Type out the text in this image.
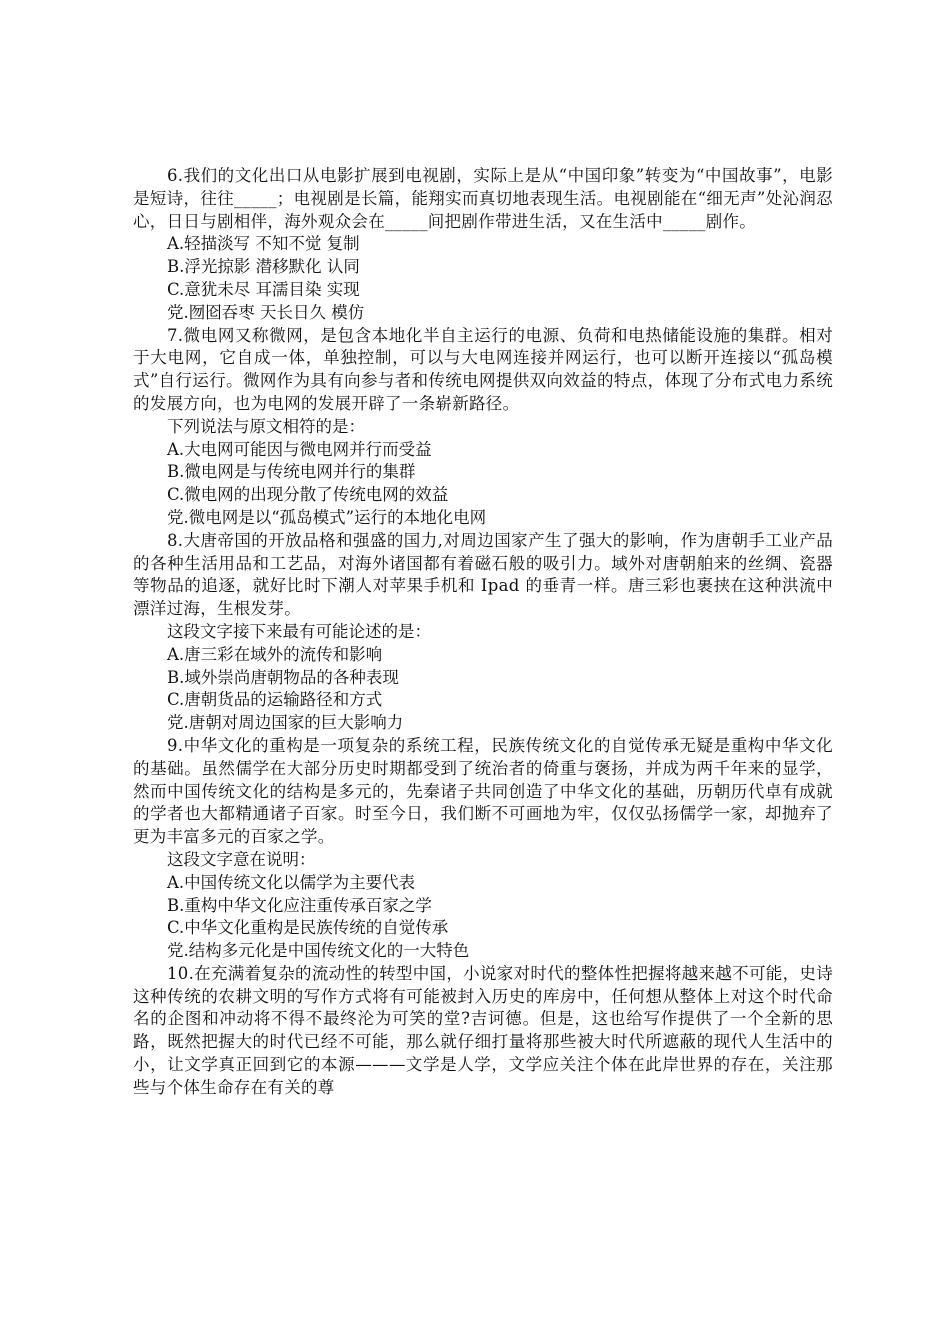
6.我们的文化出口从电影扩展到电视剧，实际上是从“中国印象”转变为“中国故事”，电影是短诗，往往_____；电视剧是长篇，能翔实而真切地表现生活。电视剧能在“细无声”处沁润忍心，日日与剧相伴，海外观众会在_____间把剧作带进生活，又在生活中_____剧作。

A.轻描淡写 不知不觉 复制

B.浮光掠影 潜移默化 认同

C.意犹未尽 耳濡目染 实现

党.囫囵吞枣 天长日久 模仿

7.微电网又称微网，是包含本地化半自主运行的电源、负荷和电热储能设施的集群。相对于大电网，它自成一体，单独控制，可以与大电网连接并网运行，也可以断开连接以“孤岛模式”自行运行。微网作为具有向参与者和传统电网提供双向效益的特点，体现了分布式电力系统的发展方向，也为电网的发展开辟了一条崭新路径。

下列说法与原文相符的是：

A.大电网可能因与微电网并行而受益

B.微电网是与传统电网并行的集群

C.微电网的出现分散了传统电网的效益

党.微电网是以“孤岛模式”运行的本地化电网

8.大唐帝国的开放品格和强盛的国力,对周边国家产生了强大的影响，作为唐朝手工业产品的各种生活用品和工艺品，对海外诸国都有着磁石般的吸引力。域外对唐朝舶来的丝绸、瓷器等物品的追逐，就好比时下潮人对苹果手机和 Ipad 的垂青一样。唐三彩也裹挟在这种洪流中漂洋过海，生根发芽。

这段文字接下来最有可能论述的是：

A.唐三彩在域外的流传和影响

B.域外崇尚唐朝物品的各种表现

C.唐朝货品的运输路径和方式

党.唐朝对周边国家的巨大影响力

9.中华文化的重构是一项复杂的系统工程，民族传统文化的自觉传承无疑是重构中华文化的基础。虽然儒学在大部分历史时期都受到了统治者的倚重与褒扬，并成为两千年来的显学，然而中国传统文化的结构是多元的，先秦诸子共同创造了中华文化的基础，历朝历代卓有成就的学者也大都精通诸子百家。时至今日，我们断不可画地为牢，仅仅弘扬儒学一家，却抛弃了更为丰富多元的百家之学。

这段文字意在说明：

A.中国传统文化以儒学为主要代表

B.重构中华文化应注重传承百家之学

C.中华文化重构是民族传统的自觉传承

党.结构多元化是中国传统文化的一大特色

10.在充满着复杂的流动性的转型中国，小说家对时代的整体性把握将越来越不可能，史诗这种传统的农耕文明的写作方式将有可能被封入历史的库房中，任何想从整体上对这个时代命名的企图和冲动将不得不最终沦为可笑的堂?吉诃德。但是，这也给写作提供了一个全新的思路，既然把握大的时代已经不可能，那么就仔细打量将那些被大时代所遮蔽的现代人生活中的小，让文学真正回到它的本源———文学是人学，文学应关注个体在此岸世界的存在，关注那些与个体生命存在有关的尊
